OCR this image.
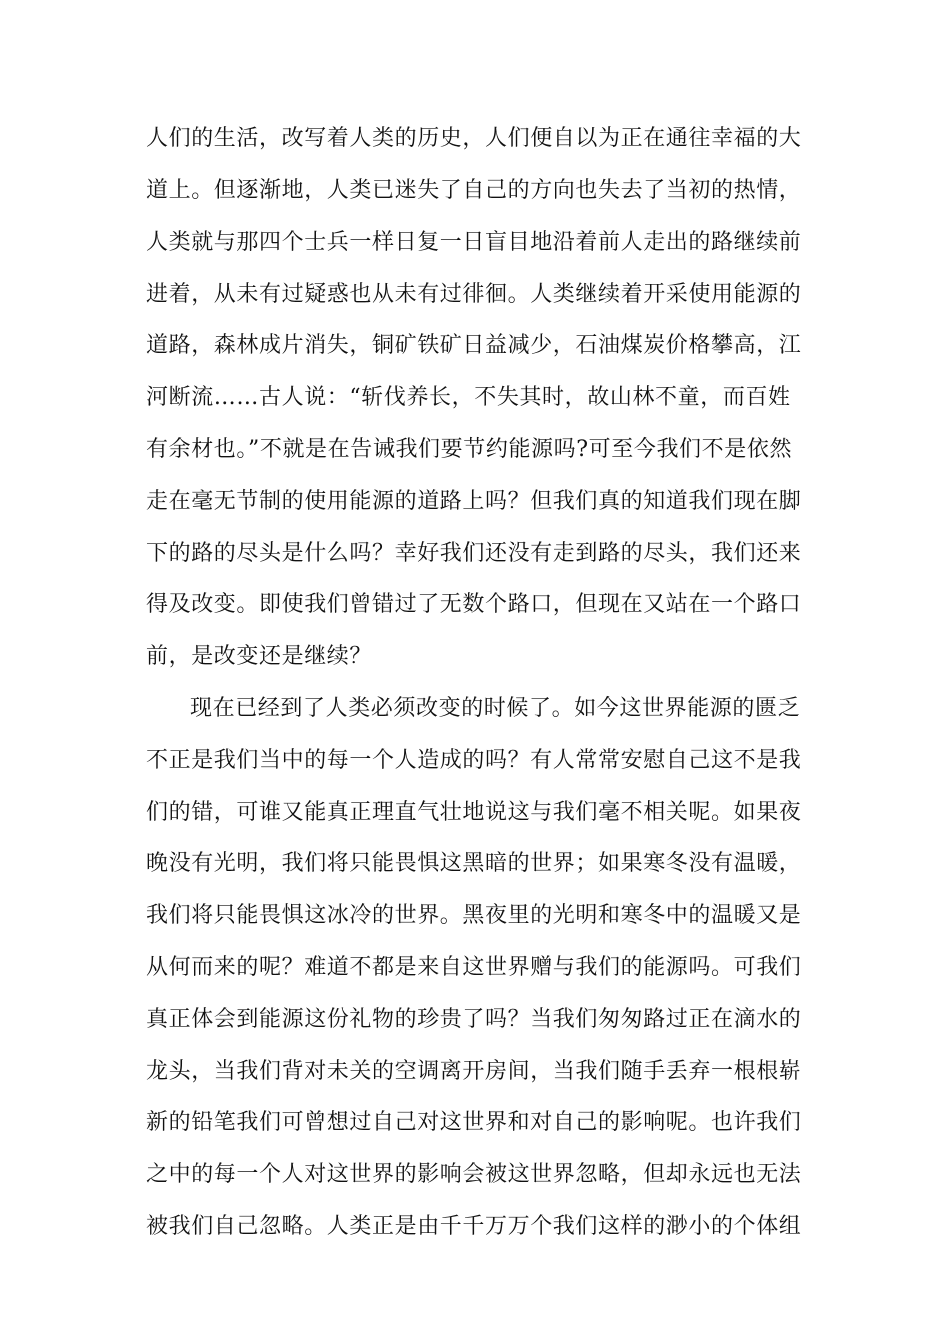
人们的生活，改写着人类的历史，人们便自以为正在通往幸福的大
道上。但逐渐地，人类已迷失了自己的方向也失去了当初的热情，
人类就与那四个士兵一样日复一日盲目地沿着前人走出的路继续前
进着，从未有过疑惑也从未有过徘徊。人类继续着开采使用能源的
道路，森林成片消失，铜矿铁矿日益减少，石油煤炭价格攀高，江
河断流……古人说：“斩伐养长，不失其时，故山林不童，而百姓
有余材也。”不就是在告诫我们要节约能源吗?可至今我们不是依然
走在毫无节制的使用能源的道路上吗？但我们真的知道我们现在脚
下的路的尽头是什么吗？幸好我们还没有走到路的尽头，我们还来
得及改变。即使我们曾错过了无数个路口，但现在又站在一个路口
前，是改变还是继续？
现在已经到了人类必须改变的时候了。如今这世界能源的匮乏
不正是我们当中的每一个人造成的吗？有人常常安慰自己这不是我
们的错，可谁又能真正理直气壮地说这与我们毫不相关呢。如果夜
晚没有光明，我们将只能畏惧这黑暗的世界；如果寒冬没有温暖，
我们将只能畏惧这冰冷的世界。黑夜里的光明和寒冬中的温暖又是
从何而来的呢？难道不都是来自这世界赠与我们的能源吗。可我们
真正体会到能源这份礼物的珍贵了吗？当我们匆匆路过正在滴水的
龙头，当我们背对未关的空调离开房间，当我们随手丢弃一根根崭
新的铅笔我们可曾想过自己对这世界和对自己的影响呢。也许我们
之中的每一个人对这世界的影响会被这世界忽略，但却永远也无法
被我们自己忽略。人类正是由千千万万个我们这样的渺小的个体组
